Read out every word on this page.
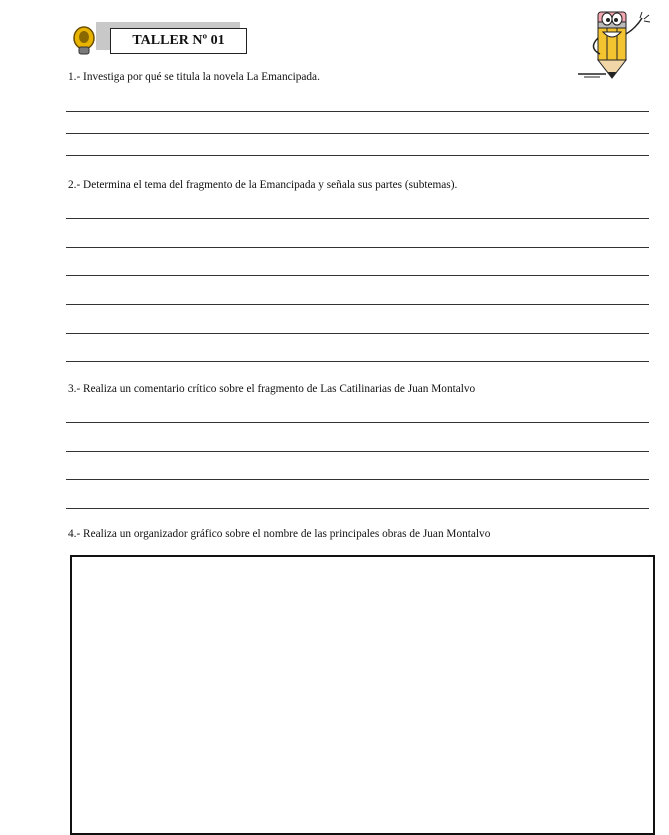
TALLER Nº 01
1.- Investiga por qué se titula la novela La Emancipada.
2.- Determina el tema del fragmento de la Emancipada y señala sus partes (subtemas).
3.- Realiza un comentario crítico sobre el fragmento de Las Catilinarias de Juan Montalvo
4.- Realiza un organizador gráfico sobre el nombre de las principales obras de Juan Montalvo
